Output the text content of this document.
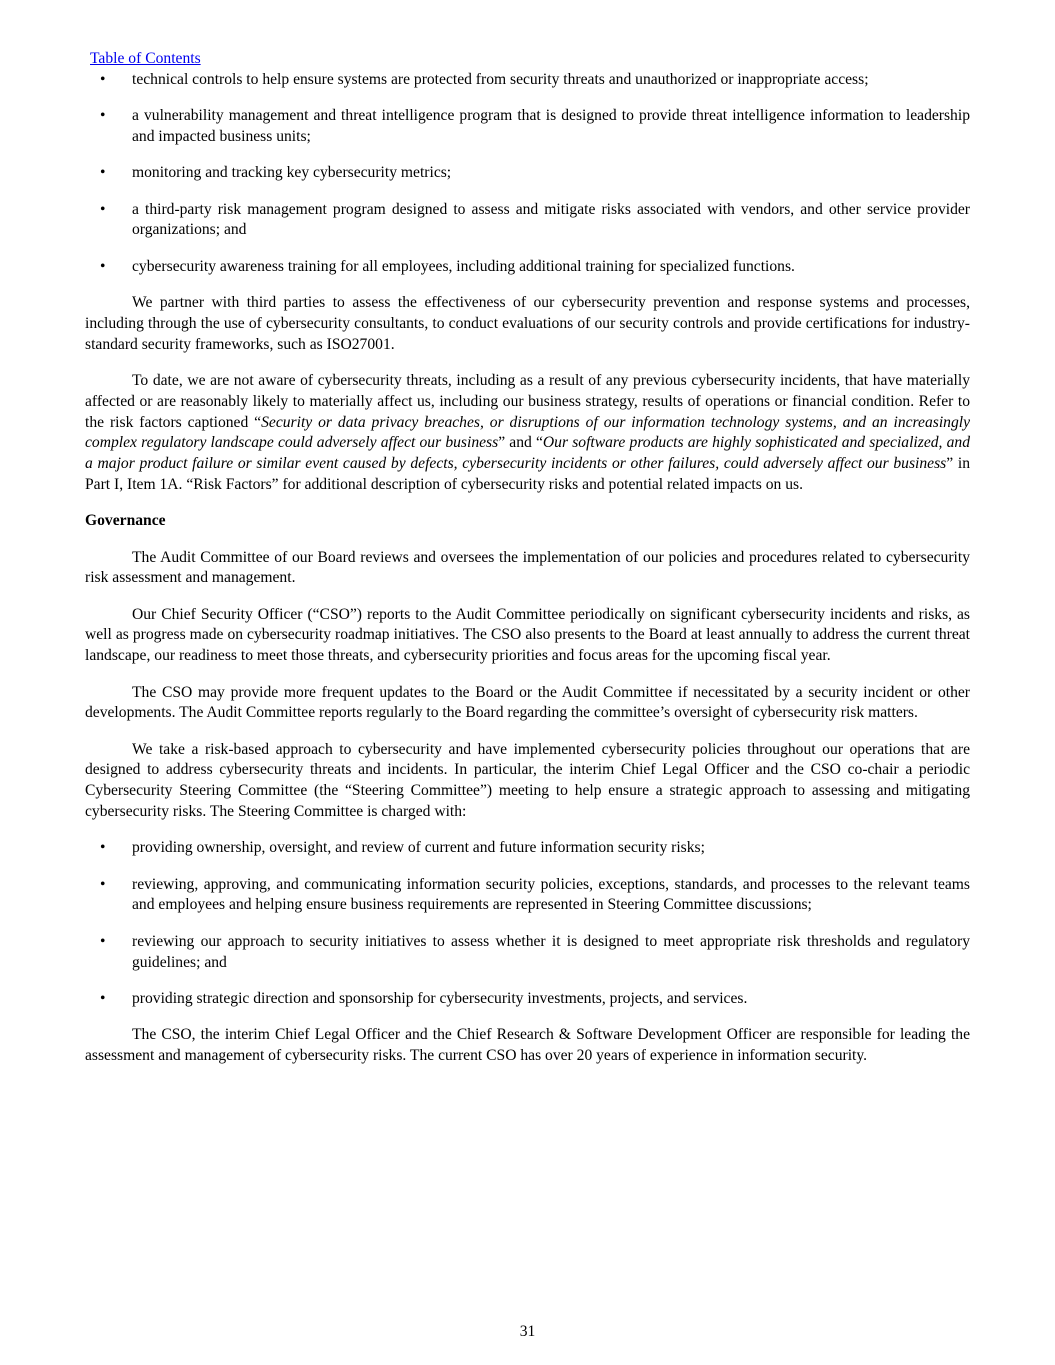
Table of Contents
• technical controls to help ensure systems are protected from security threats and unauthorized or inappropriate access;
• a vulnerability management and threat intelligence program that is designed to provide threat intelligence information to leadership and impacted business units;
• monitoring and tracking key cybersecurity metrics;
• a third-party risk management program designed to assess and mitigate risks associated with vendors, and other service provider organizations; and
• cybersecurity awareness training for all employees, including additional training for specialized functions.

We partner with third parties to assess the effectiveness of our cybersecurity prevention and response systems and processes, including through the use of cybersecurity consultants, to conduct evaluations of our security controls and provide certifications for industry-standard security frameworks, such as ISO27001.

To date, we are not aware of cybersecurity threats, including as a result of any previous cybersecurity incidents, that have materially affected or are reasonably likely to materially affect us, including our business strategy, results of operations or financial condition. Refer to the risk factors captioned “Security or data privacy breaches, or disruptions of our information technology systems, and an increasingly complex regulatory landscape could adversely affect our business” and “Our software products are highly sophisticated and specialized, and a major product failure or similar event caused by defects, cybersecurity incidents or other failures, could adversely affect our business” in Part I, Item 1A. “Risk Factors” for additional description of cybersecurity risks and potential related impacts on us.

Governance

The Audit Committee of our Board reviews and oversees the implementation of our policies and procedures related to cybersecurity risk assessment and management.

Our Chief Security Officer (“CSO”) reports to the Audit Committee periodically on significant cybersecurity incidents and risks, as well as progress made on cybersecurity roadmap initiatives. The CSO also presents to the Board at least annually to address the current threat landscape, our readiness to meet those threats, and cybersecurity priorities and focus areas for the upcoming fiscal year.

The CSO may provide more frequent updates to the Board or the Audit Committee if necessitated by a security incident or other developments. The Audit Committee reports regularly to the Board regarding the committee’s oversight of cybersecurity risk matters.

We take a risk-based approach to cybersecurity and have implemented cybersecurity policies throughout our operations that are designed to address cybersecurity threats and incidents. In particular, the interim Chief Legal Officer and the CSO co-chair a periodic Cybersecurity Steering Committee (the “Steering Committee”) meeting to help ensure a strategic approach to assessing and mitigating cybersecurity risks. The Steering Committee is charged with:

• providing ownership, oversight, and review of current and future information security risks;
• reviewing, approving, and communicating information security policies, exceptions, standards, and processes to the relevant teams and employees and helping ensure business requirements are represented in Steering Committee discussions;
• reviewing our approach to security initiatives to assess whether it is designed to meet appropriate risk thresholds and regulatory guidelines; and
• providing strategic direction and sponsorship for cybersecurity investments, projects, and services.

The CSO, the interim Chief Legal Officer and the Chief Research & Software Development Officer are responsible for leading the assessment and management of cybersecurity risks. The current CSO has over 20 years of experience in information security.

31
